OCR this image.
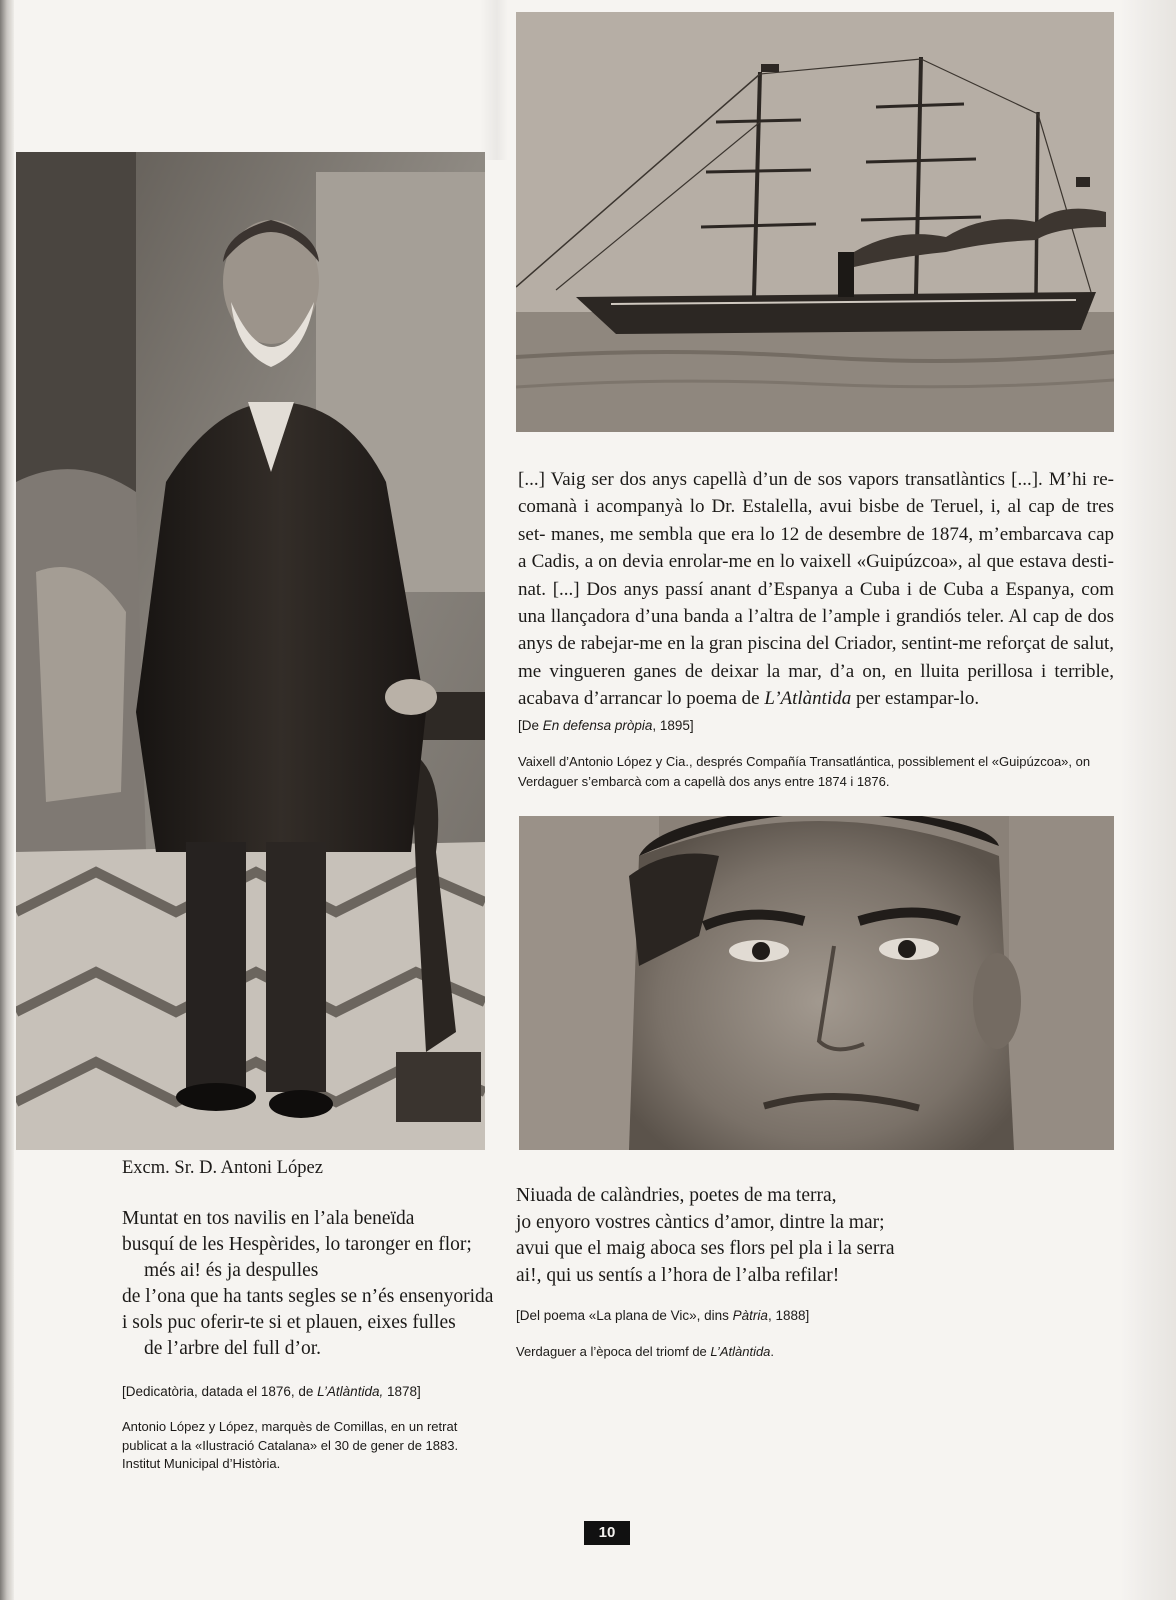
[...] Vaig ser dos anys capellà d’un de sos vapors transatlàntics [...]. M’hi re- comanà i acompanyà lo Dr. Estalella, avui bisbe de Teruel, i, al cap de tres set- manes, me sembla que era lo 12 de desembre de 1874, m’embarcava cap a Cadis, a on devia enrolar-me en lo vaixell «Guipúzcoa», al que estava desti- nat. [...] Dos anys passí anant d’Espanya a Cuba i de Cuba a Espanya, com una llançadora d’una banda a l’altra de l’ample i grandiós teler. Al cap de dos anys de rabejar-me en la gran piscina del Criador, sentint-me reforçat de salut, me vingueren ganes de deixar la mar, d’a on, en lluita perillosa i terrible, acabava d’arrancar lo poema de L’Atlàntida per estampar-lo.

[De En defensa pròpia, 1895]
Vaixell d’Antonio López y Cia., després Compañía Transatlántica, possiblement el «Guipúzcoa», on
Verdaguer s’embarcà com a capellà dos anys entre 1874 i 1876.
Excm. Sr. D. Antoni López
Muntat en tos navilis en l’ala beneïda
busquí de les Hespèrides, lo taronger en flor;
més ai! és ja despulles
de l’ona que ha tants segles se n’és ensenyorida
i sols puc oferir-te si et plauen, eixes fulles
de l’arbre del full d’or.
[Dedicatòria, datada el 1876, de L’Atlàntida, 1878]
Antonio López y López, marquès de Comillas, en un retrat
publicat a la «Ilustració Catalana» el 30 de gener de 1883.
Institut Municipal d’Història.
Niuada de calàndries, poetes de ma terra,
jo enyoro vostres càntics d’amor, dintre la mar;
avui que el maig aboca ses flors pel pla i la serra
ai!, qui us sentís a l’hora de l’alba refilar!
[Del poema «La plana de Vic», dins Pàtria, 1888]
Verdaguer a l’època del triomf de L’Atlàntida.
10
